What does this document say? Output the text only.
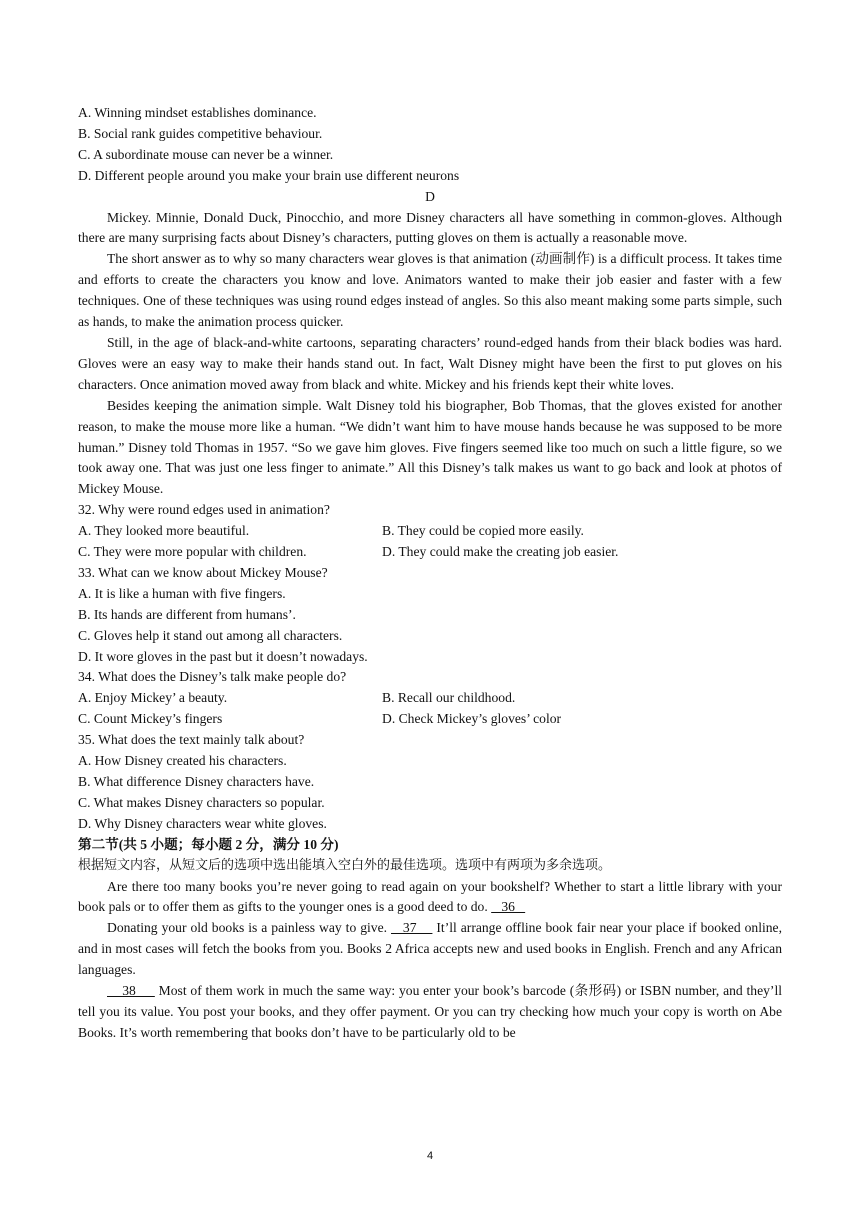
A. Winning mindset establishes dominance.
B. Social rank guides competitive behaviour.
C. A subordinate mouse can never be a winner.
D. Different people around you make your brain use different neurons
D
Mickey. Minnie, Donald Duck, Pinocchio, and more Disney characters all have something in common-gloves. Although there are many surprising facts about Disney’s characters, putting gloves on them is actually a reasonable move.
The short answer as to why so many characters wear gloves is that animation (动画制作) is a difficult process. It takes time and efforts to create the characters you know and love. Animators wanted to make their job easier and faster with a few techniques. One of these techniques was using round edges instead of angles. So this also meant making some parts simple, such as hands, to make the animation process quicker.
Still, in the age of black-and-white cartoons, separating characters’ round-edged hands from their black bodies was hard. Gloves were an easy way to make their hands stand out. In fact, Walt Disney might have been the first to put gloves on his characters. Once animation moved away from black and white. Mickey and his friends kept their white loves.
Besides keeping the animation simple. Walt Disney told his biographer, Bob Thomas, that the gloves existed for another reason, to make the mouse more like a human. “We didn’t want him to have mouse hands because he was supposed to be more human.” Disney told Thomas in 1957. “So we gave him gloves. Five fingers seemed like too much on such a little figure, so we took away one. That was just one less finger to animate.” All this Disney’s talk makes us want to go back and look at photos of Mickey Mouse.
32. Why were round edges used in animation?
A. They looked more beautiful.	B. They could be copied more easily.
C. They were more popular with children.	D. They could make the creating job easier.
33. What can we know about Mickey Mouse?
A. It is like a human with five fingers.
B. Its hands are different from humans’.
C. Gloves help it stand out among all characters.
D. It wore gloves in the past but it doesn’t nowadays.
34. What does the Disney’s talk make people do?
A. Enjoy Mickey’ a beauty.	B. Recall our childhood.
C. Count Mickey’s fingers	D. Check Mickey’s gloves’ color
35. What does the text mainly talk about?
A. How Disney created his characters.
B. What difference Disney characters have.
C. What makes Disney characters so popular.
D. Why Disney characters wear white gloves.
第二节(共 5 小题；每小题 2 分，满分 10 分)
根据短文内容，从短文后的选项中选出能填入空白外的最佳选项。选项中有两项为多余选项。
Are there too many books you’re never going to read again on your bookshelf? Whether to start a little library with your book pals or to offer them as gifts to the younger ones is a good deed to do.    36
Donating your old books is a painless way to give.    37     It’ll arrange offline book fair near your place if booked online, and in most cases will fetch the books from you. Books 2 Africa accepts new and used books in English. French and any African languages.
38      Most of them work in much the same way: you enter your book’s barcode (条形码) or ISBN number, and they’ll tell you its value. You post your books, and they offer payment. Or you can try checking how much your copy is worth on Abe Books. It’s worth remembering that books don’t have to be particularly old to be
4
